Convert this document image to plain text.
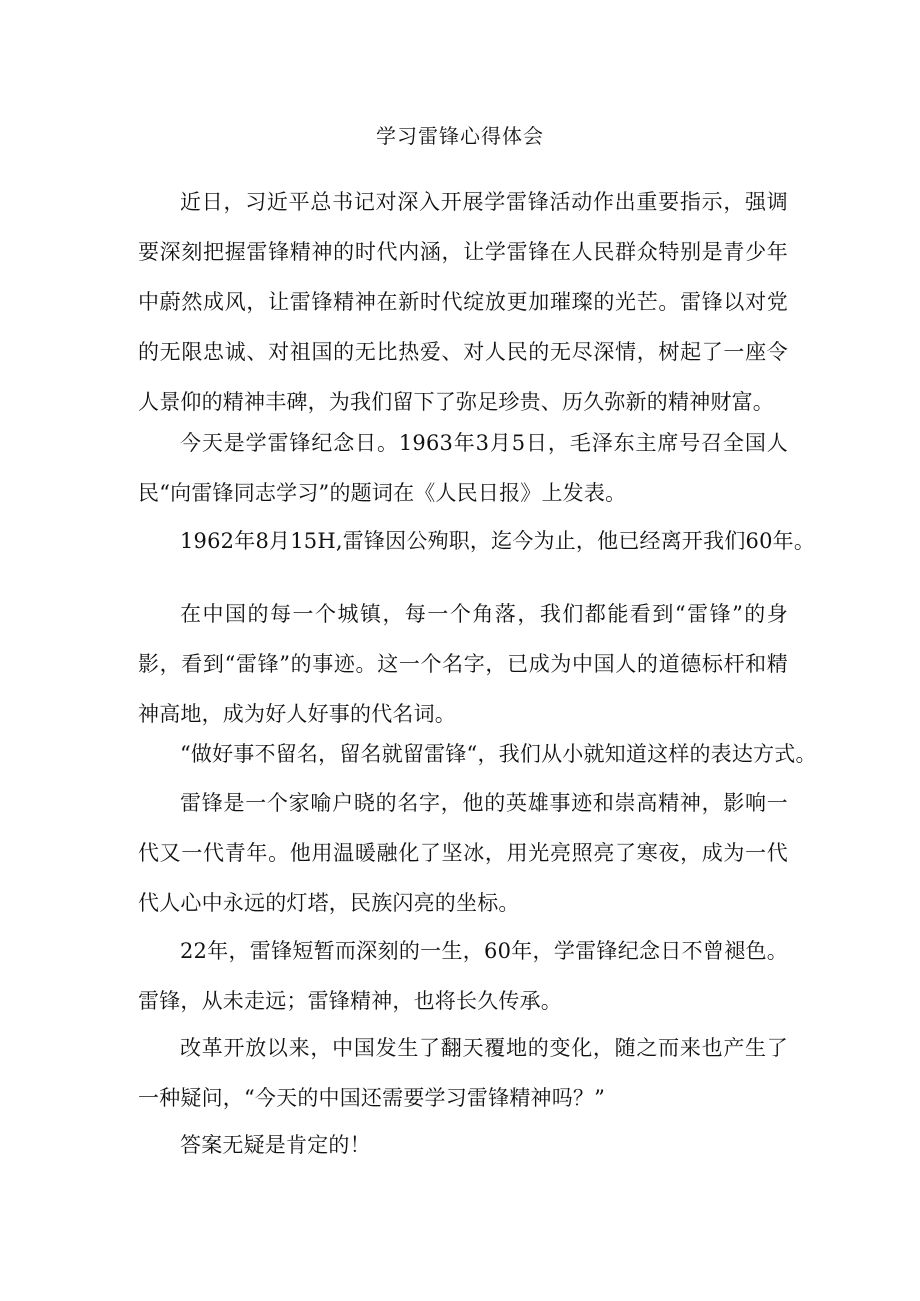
学习雷锋心得体会

近日，习近平总书记对深入开展学雷锋活动作出重要指示，强调要深刻把握雷锋精神的时代内涵，让学雷锋在人民群众特别是青少年中蔚然成风，让雷锋精神在新时代绽放更加璀璨的光芒。雷锋以对党的无限忠诚、对祖国的无比热爱、对人民的无尽深情，树起了一座令人景仰的精神丰碑，为我们留下了弥足珍贵、历久弥新的精神财富。

今天是学雷锋纪念日。1963年3月5日，毛泽东主席号召全国人民“向雷锋同志学习”的题词在《人民日报》上发表。

1962年8月15H,雷锋因公殉职，迄今为止，他已经离开我们60年。

在中国的每一个城镇，每一个角落，我们都能看到“雷锋”的身影，看到“雷锋”的事迹。这一个名字，已成为中国人的道德标杆和精神高地，成为好人好事的代名词。

“做好事不留名，留名就留雷锋“，我们从小就知道这样的表达方式。

雷锋是一个家喻户晓的名字，他的英雄事迹和崇高精神，影响一代又一代青年。他用温暖融化了坚冰，用光亮照亮了寒夜，成为一代代人心中永远的灯塔，民族闪亮的坐标。

22年，雷锋短暂而深刻的一生，60年，学雷锋纪念日不曾褪色。雷锋，从未走远；雷锋精神，也将长久传承。

改革开放以来，中国发生了翻天覆地的变化，随之而来也产生了一种疑问，“今天的中国还需要学习雷锋精神吗？”

答案无疑是肯定的！
